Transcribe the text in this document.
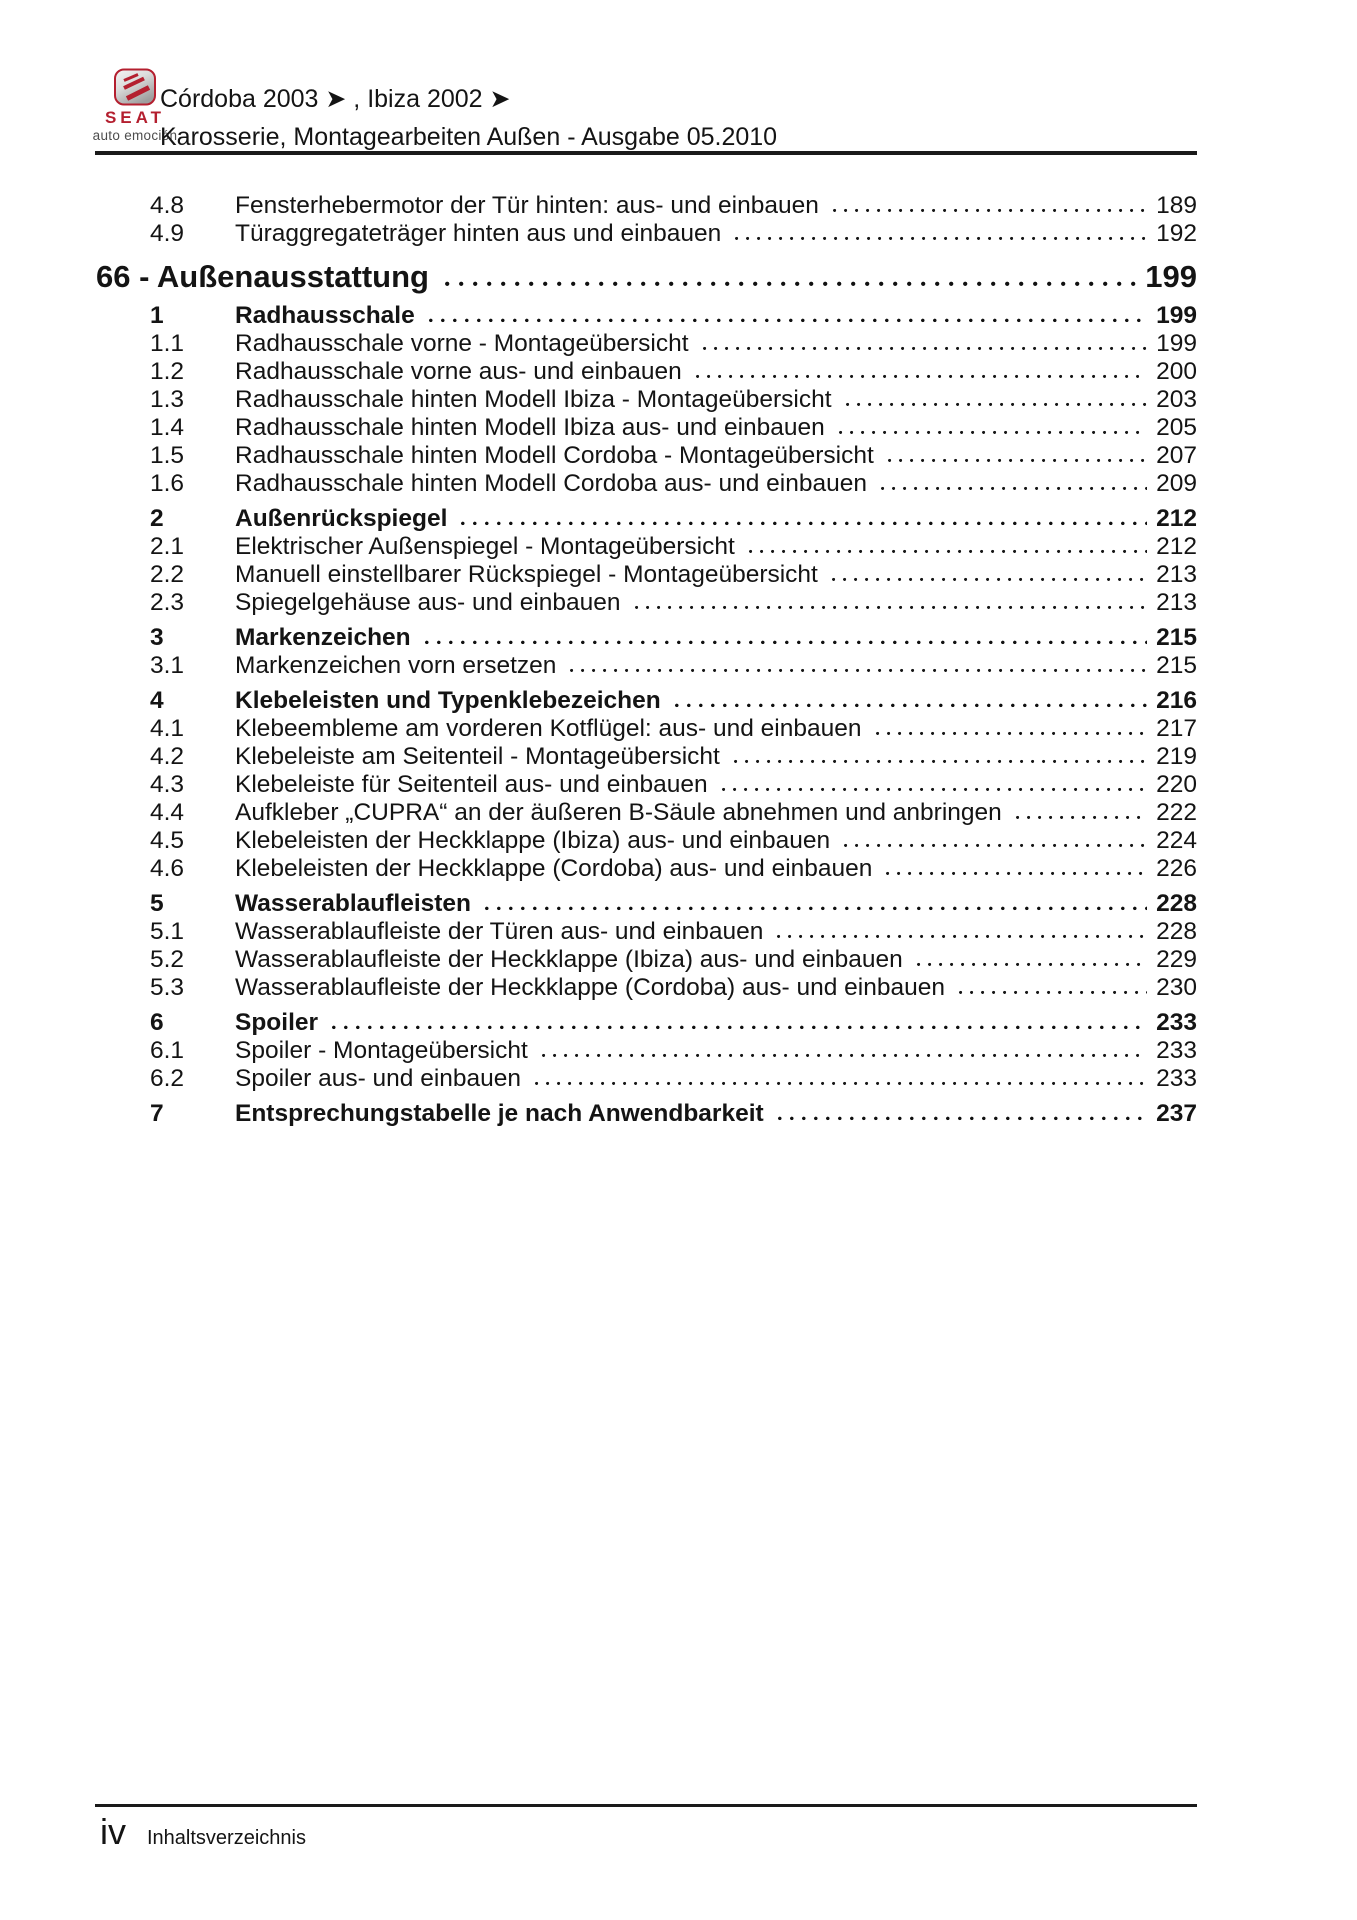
SEAT
auto emoción
Córdoba 2003 ➤ , Ibiza 2002 ➤
Karosserie, Montagearbeiten Außen - Ausgabe 05.2010
4.8	Fensterhebermotor der Tür hinten: aus- und einbauen	189
4.9	Türaggregateträger hinten aus und einbauen	192
66 - Außenausstattung	199
1	Radhausschale	199
1.1	Radhausschale vorne - Montageübersicht	199
1.2	Radhausschale vorne aus- und einbauen	200
1.3	Radhausschale hinten Modell Ibiza - Montageübersicht	203
1.4	Radhausschale hinten Modell Ibiza aus- und einbauen	205
1.5	Radhausschale hinten Modell Cordoba - Montageübersicht	207
1.6	Radhausschale hinten Modell Cordoba aus- und einbauen	209
2	Außenrückspiegel	212
2.1	Elektrischer Außenspiegel - Montageübersicht	212
2.2	Manuell einstellbarer Rückspiegel - Montageübersicht	213
2.3	Spiegelgehäuse aus- und einbauen	213
3	Markenzeichen	215
3.1	Markenzeichen vorn ersetzen	215
4	Klebeleisten und Typenklebezeichen	216
4.1	Klebeembleme am vorderen Kotflügel: aus- und einbauen	217
4.2	Klebeleiste am Seitenteil - Montageübersicht	219
4.3	Klebeleiste für Seitenteil aus- und einbauen	220
4.4	Aufkleber „CUPRA“ an der äußeren B-Säule abnehmen und anbringen	222
4.5	Klebeleisten der Heckklappe (Ibiza) aus- und einbauen	224
4.6	Klebeleisten der Heckklappe (Cordoba) aus- und einbauen	226
5	Wasserablaufleisten	228
5.1	Wasserablaufleiste der Türen aus- und einbauen	228
5.2	Wasserablaufleiste der Heckklappe (Ibiza) aus- und einbauen	229
5.3	Wasserablaufleiste der Heckklappe (Cordoba) aus- und einbauen	230
6	Spoiler	233
6.1	Spoiler - Montageübersicht	233
6.2	Spoiler aus- und einbauen	233
7	Entsprechungstabelle je nach Anwendbarkeit	237
iv Inhaltsverzeichnis
